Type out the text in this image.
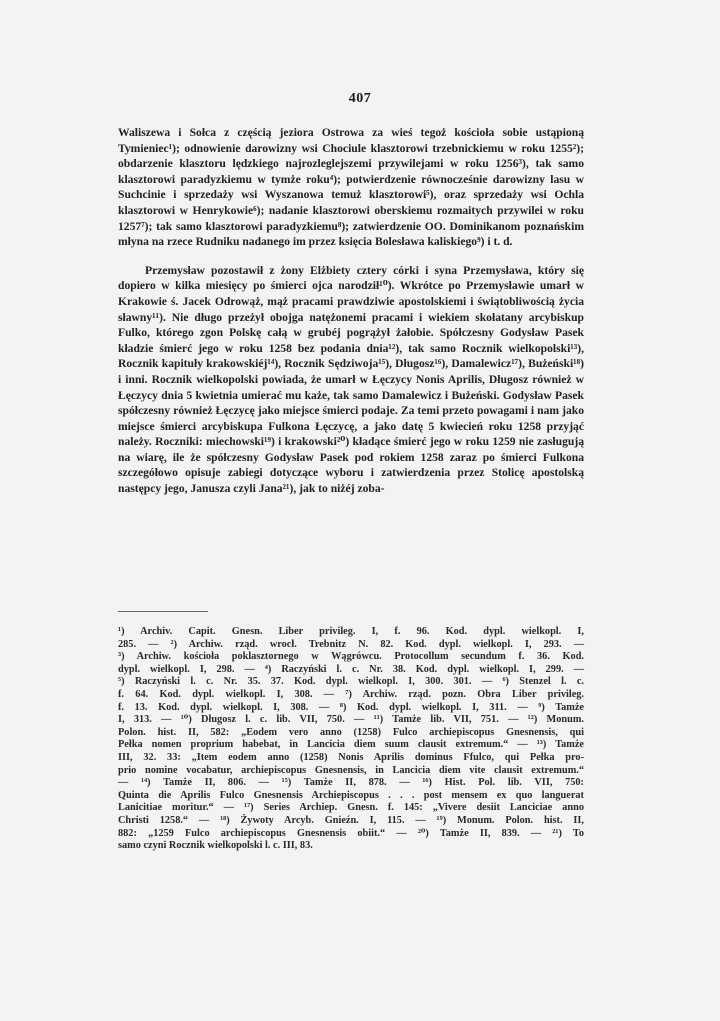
407

Waliszewa i Sołca z częścią jeziora Ostrowa za wieś tegoż kościoła sobie ustąpioną Tymieniec¹); odnowienie darowizny wsi Chociule klasztorowi trzebnickiemu w roku 1255²); obdarzenie klasztoru lędzkiego najrozleglejszemi przywilejami w roku 1256³), tak samo klasztorowi paradyzkiemu w tymże roku⁴); potwierdzenie równocześnie darowizny lasu w Suchcinie i sprzedaży wsi Wyszanowa temuż klasztorowi⁵), oraz sprzedaży wsi Ochla klasztorowi w Henrykowie⁶); nadanie klasztorowi oberskiemu rozmaitych przywilei w roku 1257⁷); tak samo klasztorowi paradyzkiemu⁸); zatwierdzenie OO. Dominikanom poznańskim młyna na rzece Rudniku nadanego im przez księcia Bolesława kaliskiego⁹) i t. d.

Przemysław pozostawił z żony Elżbiety cztery córki i syna Przemysława, który się dopiero w kilka miesięcy po śmierci ojca narodził¹⁰). Wkrótce po Przemysławie umarł w Krakowie ś. Jacek Odrowąż, mąż pracami prawdziwie apostolskiemi i świątobliwością życia sławny¹¹). Nie długo przeżył obojga natężonemi pracami i wiekiem skołatany arcybiskup Fulko, którego zgon Polskę całą w grubéj pogrążył żałobie. Spółczesny Godysław Pasek kładzie śmierć jego w roku 1258 bez podania dnia¹²), tak samo Rocznik wielkopolski¹³), Rocznik kapituły krakowskiéj¹⁴), Rocznik Sędziwoja¹⁵), Długosz¹⁶), Damalewicz¹⁷), Bużeński¹⁸) i inni. Rocznik wielkopolski powiada, że umarł w Łęczycy Nonis Aprilis, Długosz również w Łęczycy dnia 5 kwietnia umierać mu każe, tak samo Damalewicz i Bużeński. Godysław Pasek spółczesny również Łęczycę jako miejsce śmierci podaje. Za temi przeto powagami i nam jako miejsce śmierci arcybiskupa Fulkona Łęczycę, a jako datę 5 kwiecień roku 1258 przyjąć należy. Roczniki: miechowski¹⁹) i krakowski²⁰) kładące śmierć jego w roku 1259 nie zasługują na wiarę, ile że spółczesny Godysław Pasek pod rokiem 1258 zaraz po śmierci Fulkona szczegółowo opisuje zabiegi dotyczące wyboru i zatwierdzenia przez Stolicę apostolską następcy jego, Janusza czyli Jana²¹), jak to niżéj zoba-

¹) Archiv. Capit. Gnesn. Liber privileg. I, f. 96. Kod. dypl. wielkopl. I,
285. — ²) Archiw. rząd. wrocł. Trebnitz N. 82. Kod. dypl. wielkopl. I, 293. —
³) Archiw. kościoła poklasztornego w Wągrówcu. Protocollum secundum f. 36. Kod.
dypl. wielkopl. I, 298. — ⁴) Raczyński l. c. Nr. 38. Kod. dypl. wielkopl. I, 299. —
⁵) Raczyński l. c. Nr. 35. 37. Kod. dypl. wielkopl. I, 300. 301. — ⁶) Stenzel l. c.
f. 64. Kod. dypl. wielkopl. I, 308. — ⁷) Archiw. rząd. pozn. Obra Liber privileg.
f. 13. Kod. dypl. wielkopl. I, 308. — ⁸) Kod. dypl. wielkopl. I, 311. — ⁹) Tamże
I, 313. — ¹⁰) Długosz l. c. lib. VII, 750. — ¹¹) Tamże lib. VII, 751. — ¹²) Monum.
Polon. hist. II, 582: „Eodem vero anno (1258) Fulco archiepiscopus Gnesnensis, qui
Pełka nomen proprium habebat, in Lancicia diem suum clausit extremum.“ — ¹³) Tamże
III, 32. 33: „Item eodem anno (1258) Nonis Aprilis dominus Ffulco, qui Pełka pro-
prio nomine vocabatur, archiepiscopus Gnesnensis, in Lancicia diem vite clausit extremum.“
— ¹⁴) Tamże II, 806. — ¹⁵) Tamże II, 878. — ¹⁶) Hist. Pol. lib. VII, 750:
Quinta die Aprilis Fulco Gnesnensis Archiepiscopus . . . post mensem ex quo languerat
Lanicitiae moritur.“ — ¹⁷) Series Archiep. Gnesn. f. 145: „Vivere desiit Lanciciae anno
Christi 1258.“ — ¹⁸) Żywoty Arcyb. Gnieźn. I, 115. — ¹⁹) Monum. Polon. hist. II,
882: „1259 Fulco archiepiscopus Gnesnensis obiit.“ — ²⁰) Tamże II, 839. — ²¹) To
samo czyni Rocznik wielkopolski l. c. III, 83.
